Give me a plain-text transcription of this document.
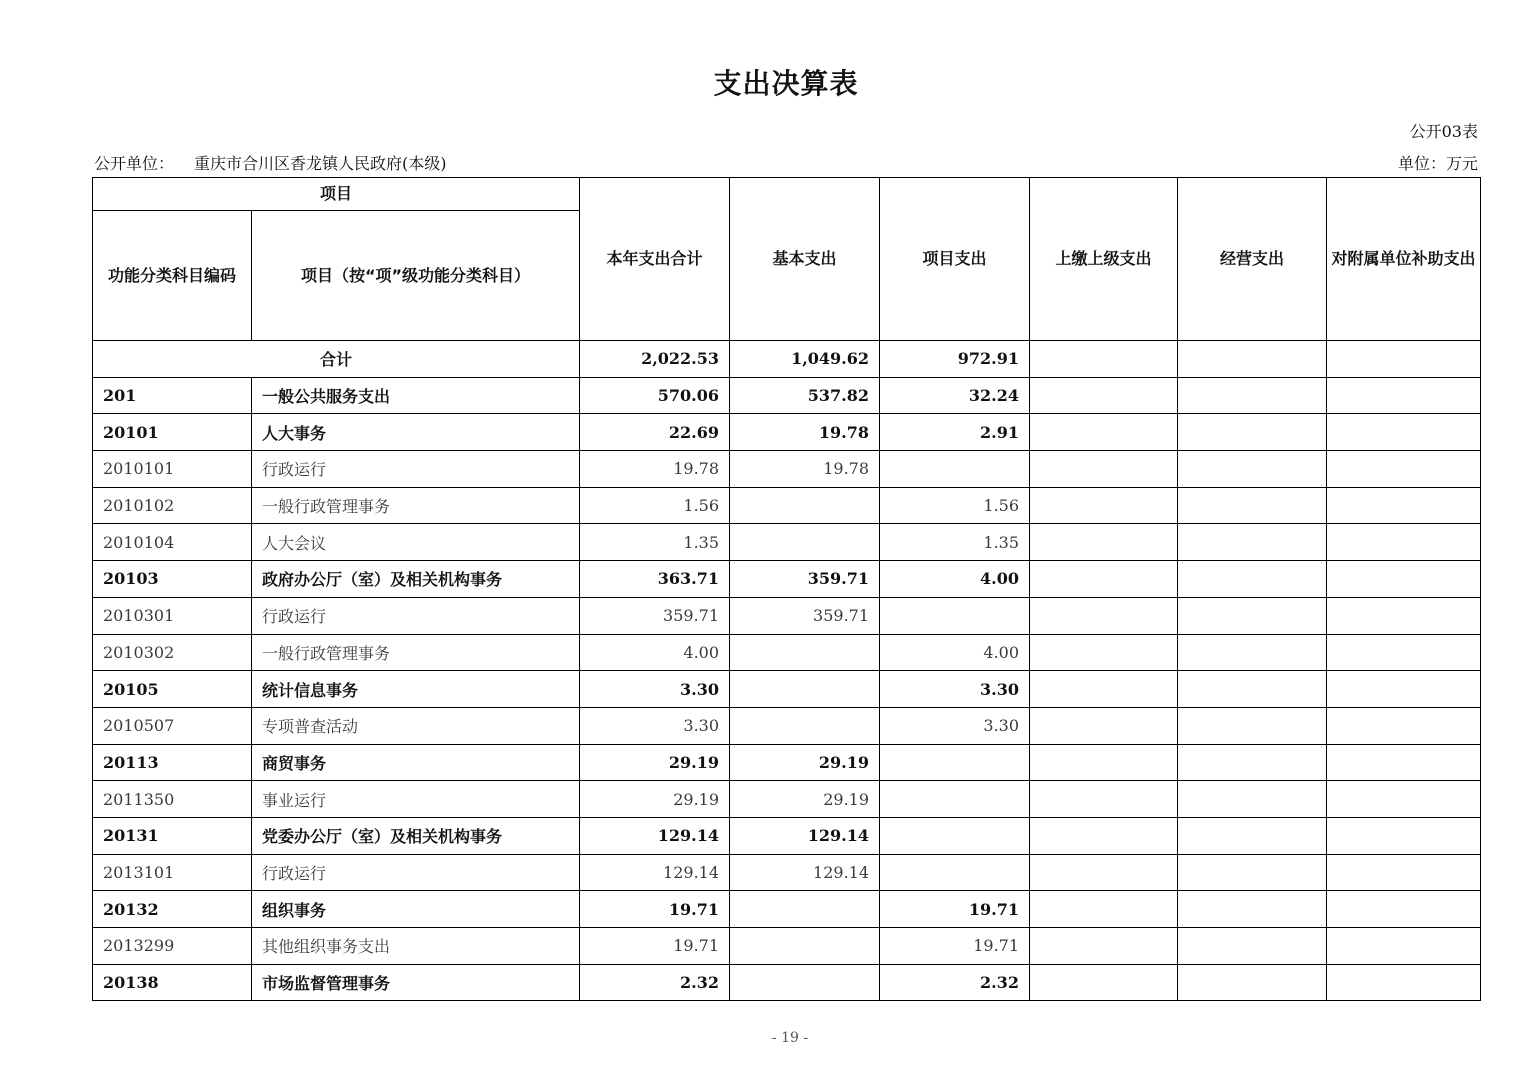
支出决算表
公开03表
公开单位： 重庆市合川区香龙镇人民政府(本级)	单位：万元
项目		本年支出合计	基本支出	项目支出	上缴上级支出	经营支出	对附属单位补助支出
功能分类科目编码	项目（按“项”级功能分类科目）						
合计		2,022.53	1,049.62	972.91			
201	一般公共服务支出	570.06	537.82	32.24			
20101	人大事务	22.69	19.78	2.91			
2010101	行政运行	19.78	19.78				
2010102	一般行政管理事务	1.56		1.56			
2010104	人大会议	1.35		1.35			
20103	政府办公厅（室）及相关机构事务	363.71	359.71	4.00			
2010301	行政运行	359.71	359.71				
2010302	一般行政管理事务	4.00		4.00			
20105	统计信息事务	3.30		3.30			
2010507	专项普查活动	3.30		3.30			
20113	商贸事务	29.19	29.19				
2011350	事业运行	29.19	29.19				
20131	党委办公厅（室）及相关机构事务	129.14	129.14				
2013101	行政运行	129.14	129.14				
20132	组织事务	19.71		19.71			
2013299	其他组织事务支出	19.71		19.71			
20138	市场监督管理事务	2.32		2.32			
- 19 -
